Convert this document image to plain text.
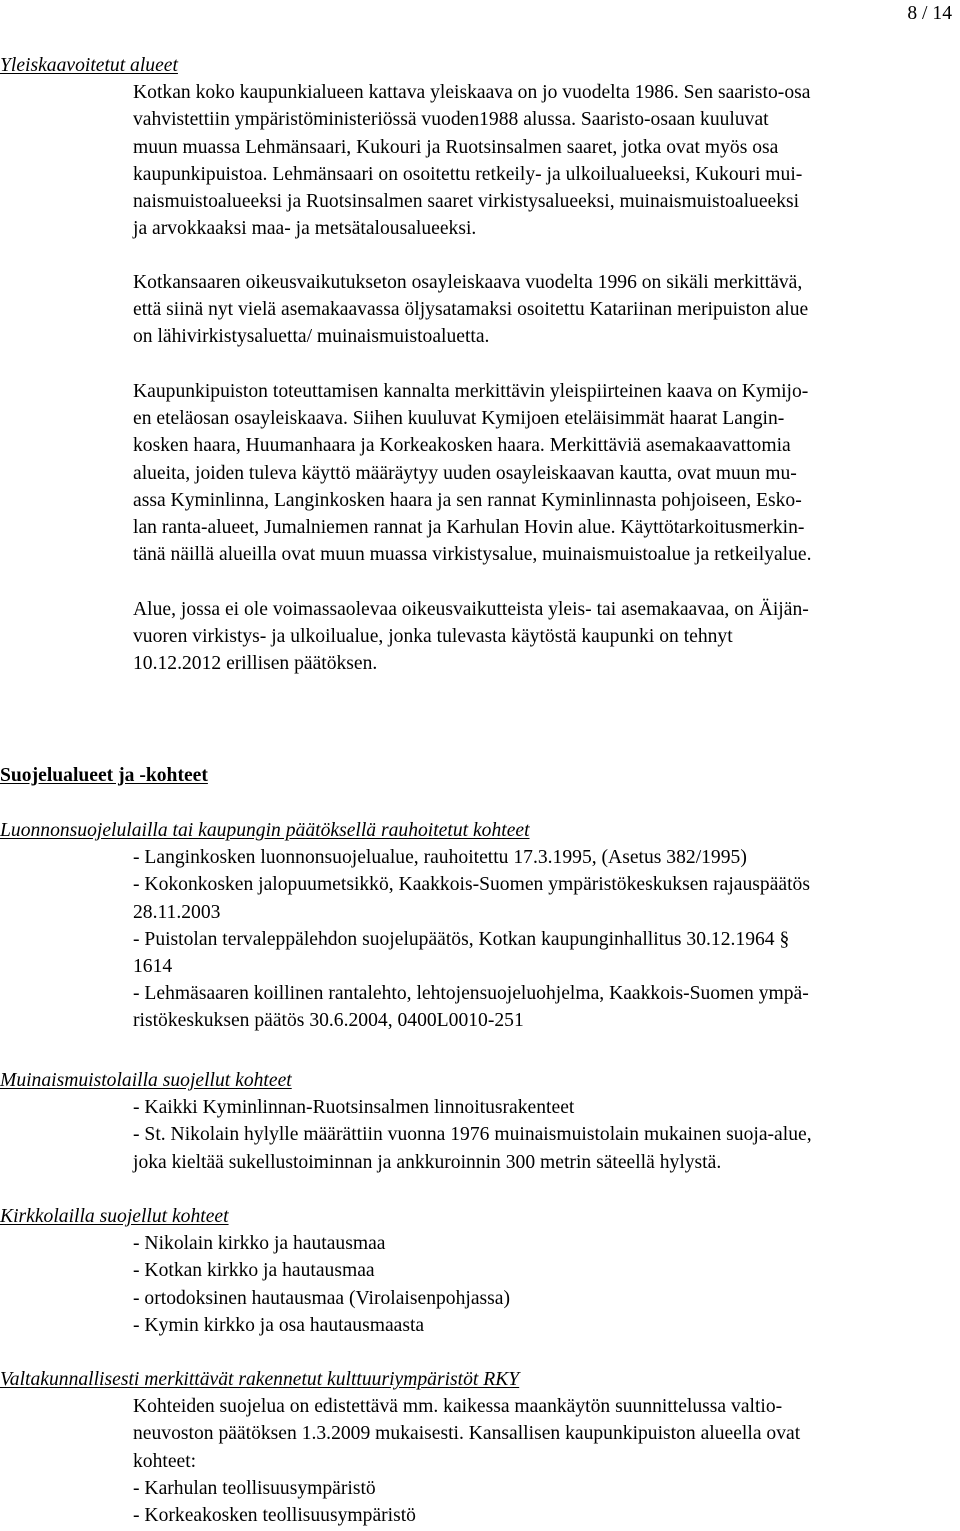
8 / 14
Yleiskaavoitetut alueet
Kotkan koko kaupunkialueen kattava yleiskaava on jo vuodelta 1986. Sen saaristo-osa
vahvistettiin ympäristöministeriössä vuoden1988 alussa. Saaristo-osaan kuuluvat
muun muassa Lehmänsaari, Kukouri ja Ruotsinsalmen saaret, jotka ovat myös osa
kaupunkipuistoa. Lehmänsaari on osoitettu retkeily- ja ulkoilualueeksi, Kukouri mui-
naismuistoalueeksi ja Ruotsinsalmen saaret virkistysalueeksi, muinaismuistoalueeksi
ja arvokkaaksi maa- ja metsätalousalueeksi.
Kotkansaaren oikeusvaikutukseton osayleiskaava vuodelta 1996 on sikäli merkittävä,
että siinä nyt vielä asemakaavassa öljysatamaksi osoitettu Katariinan meripuiston alue
on lähivirkistysaluetta/ muinaismuistoaluetta.
Kaupunkipuiston toteuttamisen kannalta merkittävin yleispiirteinen kaava on Kymijo-
en eteläosan osayleiskaava. Siihen kuuluvat Kymijoen eteläisimmät haarat Langin-
kosken haara, Huumanhaara ja Korkeakosken haara. Merkittäviä asemakaavattomia
alueita, joiden tuleva käyttö määräytyy uuden osayleiskaavan kautta, ovat muun mu-
assa Kyminlinna, Langinkosken haara ja sen rannat Kyminlinnasta pohjoiseen, Esko-
lan ranta-alueet, Jumalniemen rannat ja Karhulan Hovin alue. Käyttötarkoitusmerkin-
tänä näillä alueilla ovat muun muassa virkistysalue, muinaismuistoalue ja retkeilyalue.
Alue, jossa ei ole voimassaolevaa oikeusvaikutteista yleis- tai asemakaavaa, on Äijän-
vuoren virkistys- ja ulkoilualue, jonka tulevasta käytöstä kaupunki on tehnyt
10.12.2012 erillisen päätöksen.
Suojelualueet ja -kohteet
Luonnonsuojelulailla tai kaupungin päätöksellä rauhoitetut kohteet
- Langinkosken luonnonsuojelualue, rauhoitettu 17.3.1995, (Asetus 382/1995)
- Kokonkosken jalopuumetsikkö, Kaakkois-Suomen ympäristökeskuksen rajauspäätös
28.11.2003
- Puistolan tervaleppälehdon suojelupäätös, Kotkan kaupunginhallitus 30.12.1964 §
1614
- Lehmäsaaren koillinen rantalehto, lehtojensuojeluohjelma, Kaakkois-Suomen ympä-
ristökeskuksen päätös 30.6.2004, 0400L0010-251
Muinaismuistolailla suojellut kohteet
- Kaikki Kyminlinnan-Ruotsinsalmen linnoitusrakenteet
- St. Nikolain hylylle määrättiin vuonna 1976 muinaismuistolain mukainen suoja-alue,
joka kieltää sukellustoiminnan ja ankkuroinnin 300 metrin säteellä hylystä.
Kirkkolailla suojellut kohteet
- Nikolain kirkko ja hautausmaa
- Kotkan kirkko ja hautausmaa
- ortodoksinen hautausmaa (Virolaisenpohjassa)
- Kymin kirkko ja osa hautausmaasta
Valtakunnallisesti merkittävät rakennetut kulttuuriympäristöt RKY
Kohteiden suojelua on edistettävä mm. kaikessa maankäytön suunnittelussa valtio-
neuvoston päätöksen 1.3.2009 mukaisesti. Kansallisen kaupunkipuiston alueella ovat
kohteet:
- Karhulan teollisuusympäristö
- Korkeakosken teollisuusympäristö
